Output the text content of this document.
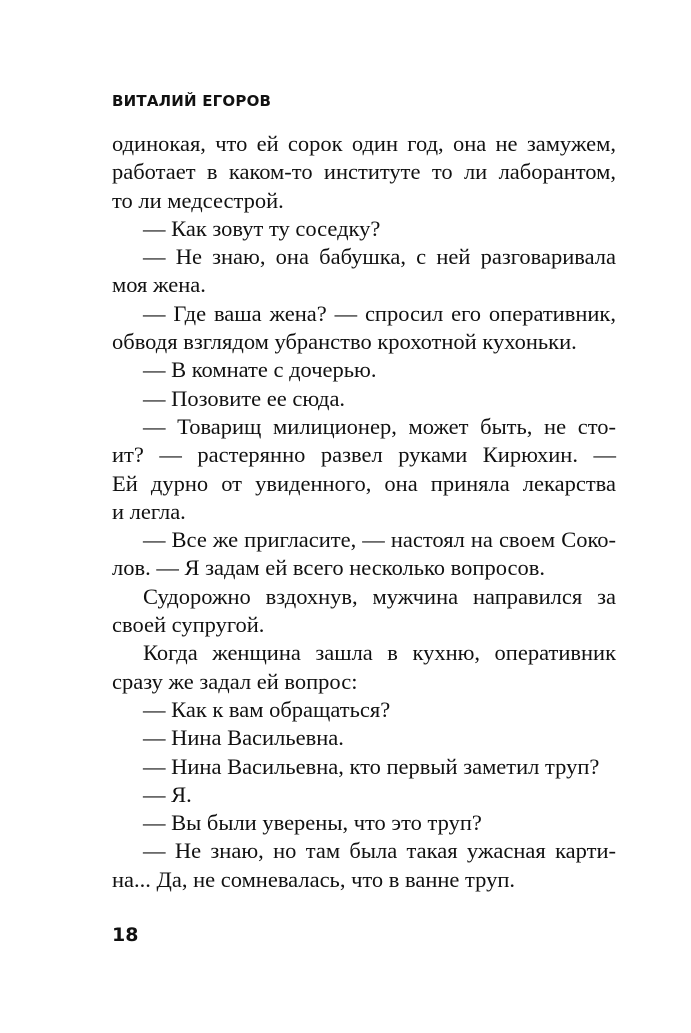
ВИТАЛИЙ ЕГОРОВ
одинокая, что ей сорок один год, она не замужем,
работает в каком-то институте то ли лаборантом,
то ли медсестрой.
— Как зовут ту соседку?
— Не знаю, она бабушка, с ней разговаривала
моя жена.
— Где ваша жена? — спросил его оперативник,
обводя взглядом убранство крохотной кухоньки.
— В комнате с дочерью.
— Позовите ее сюда.
— Товарищ милиционер, может быть, не сто-
ит? — растерянно развел руками Кирюхин. —
Ей дурно от увиденного, она приняла лекарства
и легла.
— Все же пригласите, — настоял на своем Соко-
лов. — Я задам ей всего несколько вопросов.
Судорожно вздохнув, мужчина направился за
своей супругой.
Когда женщина зашла в кухню, оперативник
сразу же задал ей вопрос:
— Как к вам обращаться?
— Нина Васильевна.
— Нина Васильевна, кто первый заметил труп?
— Я.
— Вы были уверены, что это труп?
— Не знаю, но там была такая ужасная карти-
на... Да, не сомневалась, что в ванне труп.
18
